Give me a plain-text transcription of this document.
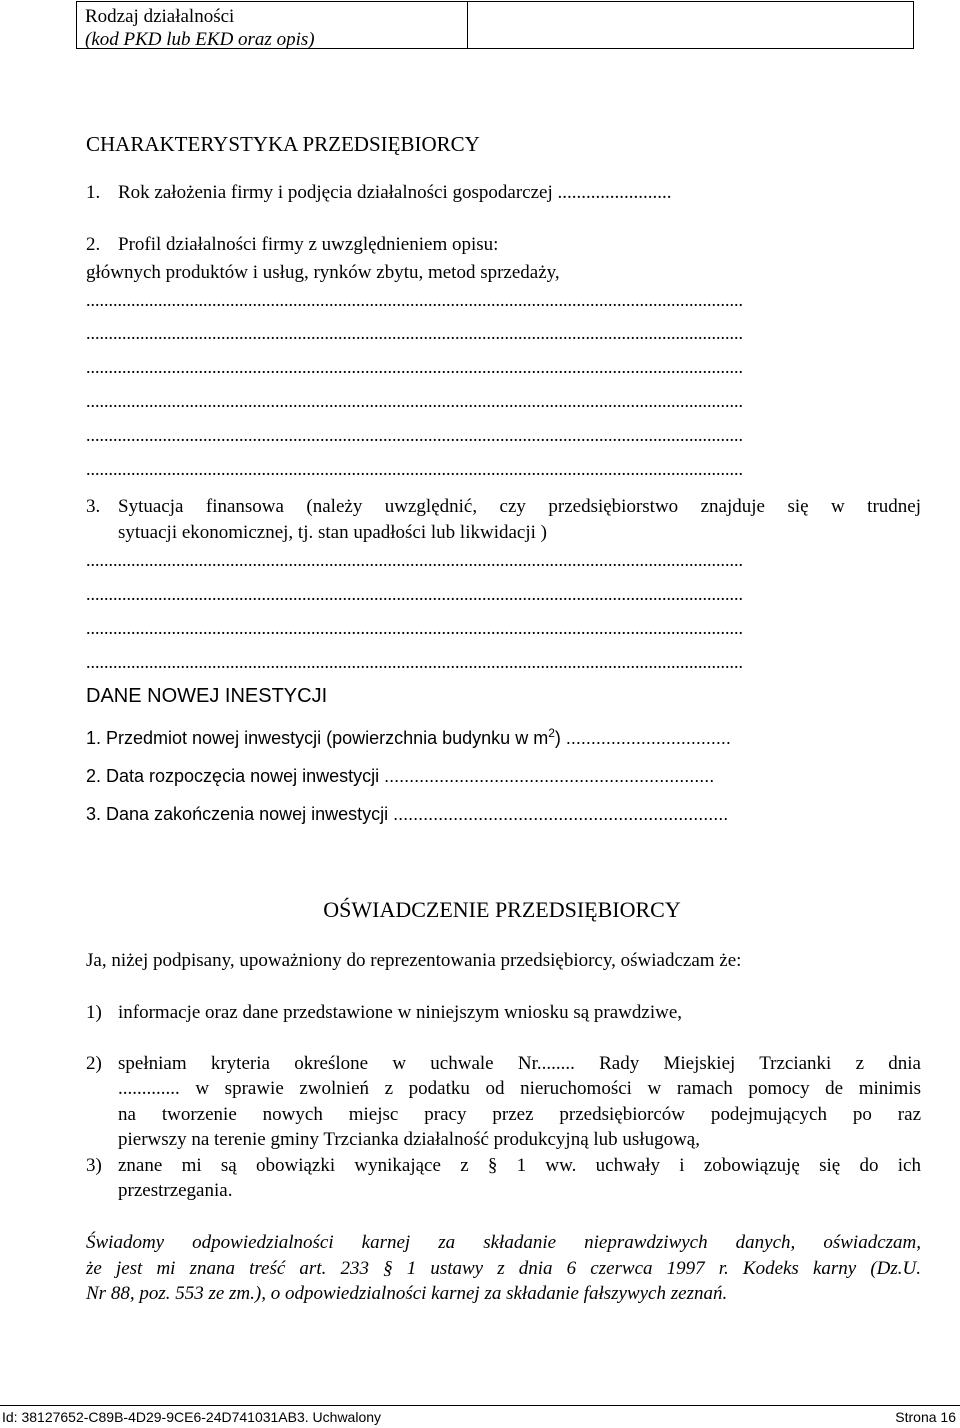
Rodzaj działalności
(kod PKD lub EKD oraz opis)
CHARAKTERYSTYKA PRZEDSIĘBIORCY
1. Rok założenia firmy i podjęcia działalności gospodarczej ........................
2. Profil działalności firmy z uwzględnieniem opisu:
głównych produktów i usług, rynków zbytu, metod sprzedaży,
..................................................................................................................................................
..................................................................................................................................................
..................................................................................................................................................
..................................................................................................................................................
..................................................................................................................................................
..................................................................................................................................................
3. Sytuacja finansowa (należy uwzględnić, czy przedsiębiorstwo znajduje się w trudnej
sytuacji ekonomicznej, tj. stan upadłości lub likwidacji )
..................................................................................................................................................
..................................................................................................................................................
..................................................................................................................................................
..................................................................................................................................................
DANE NOWEJ INESTYCJI
1. Przedmiot nowej inwestycji (powierzchnia budynku w $m^2$) .................................
2. Data rozpoczęcia nowej inwestycji ..................................................................
3. Dana zakończenia nowej inwestycji ...................................................................
OŚWIADCZENIE PRZEDSIĘBIORCY
Ja, niżej podpisany, upoważniony do reprezentowania przedsiębiorcy, oświadczam że:
1) informacje oraz dane przedstawione w niniejszym wniosku są prawdziwe,
2) spełniam kryteria określone w uchwale Nr........ Rady Miejskiej Trzcianki z dnia
............. w sprawie zwolnień z podatku od nieruchomości w ramach pomocy de minimis
na tworzenie nowych miejsc pracy przez przedsiębiorców podejmujących po raz
pierwszy na terenie gminy Trzcianka działalność produkcyjną lub usługową,
3) znane mi są obowiązki wynikające z § 1 ww. uchwały i zobowiązuję się do ich
przestrzegania.
Świadomy odpowiedzialności karnej za składanie nieprawdziwych danych, oświadczam,
że jest mi znana treść art. 233 § 1 ustawy z dnia 6 czerwca 1997 r. Kodeks karny (Dz.U.
Nr 88, poz. 553 ze zm.), o odpowiedzialności karnej za składanie fałszywych zeznań.
Id: 38127652-C89B-4D29-9CE6-24D741031AB3. Uchwalony	Strona 16
